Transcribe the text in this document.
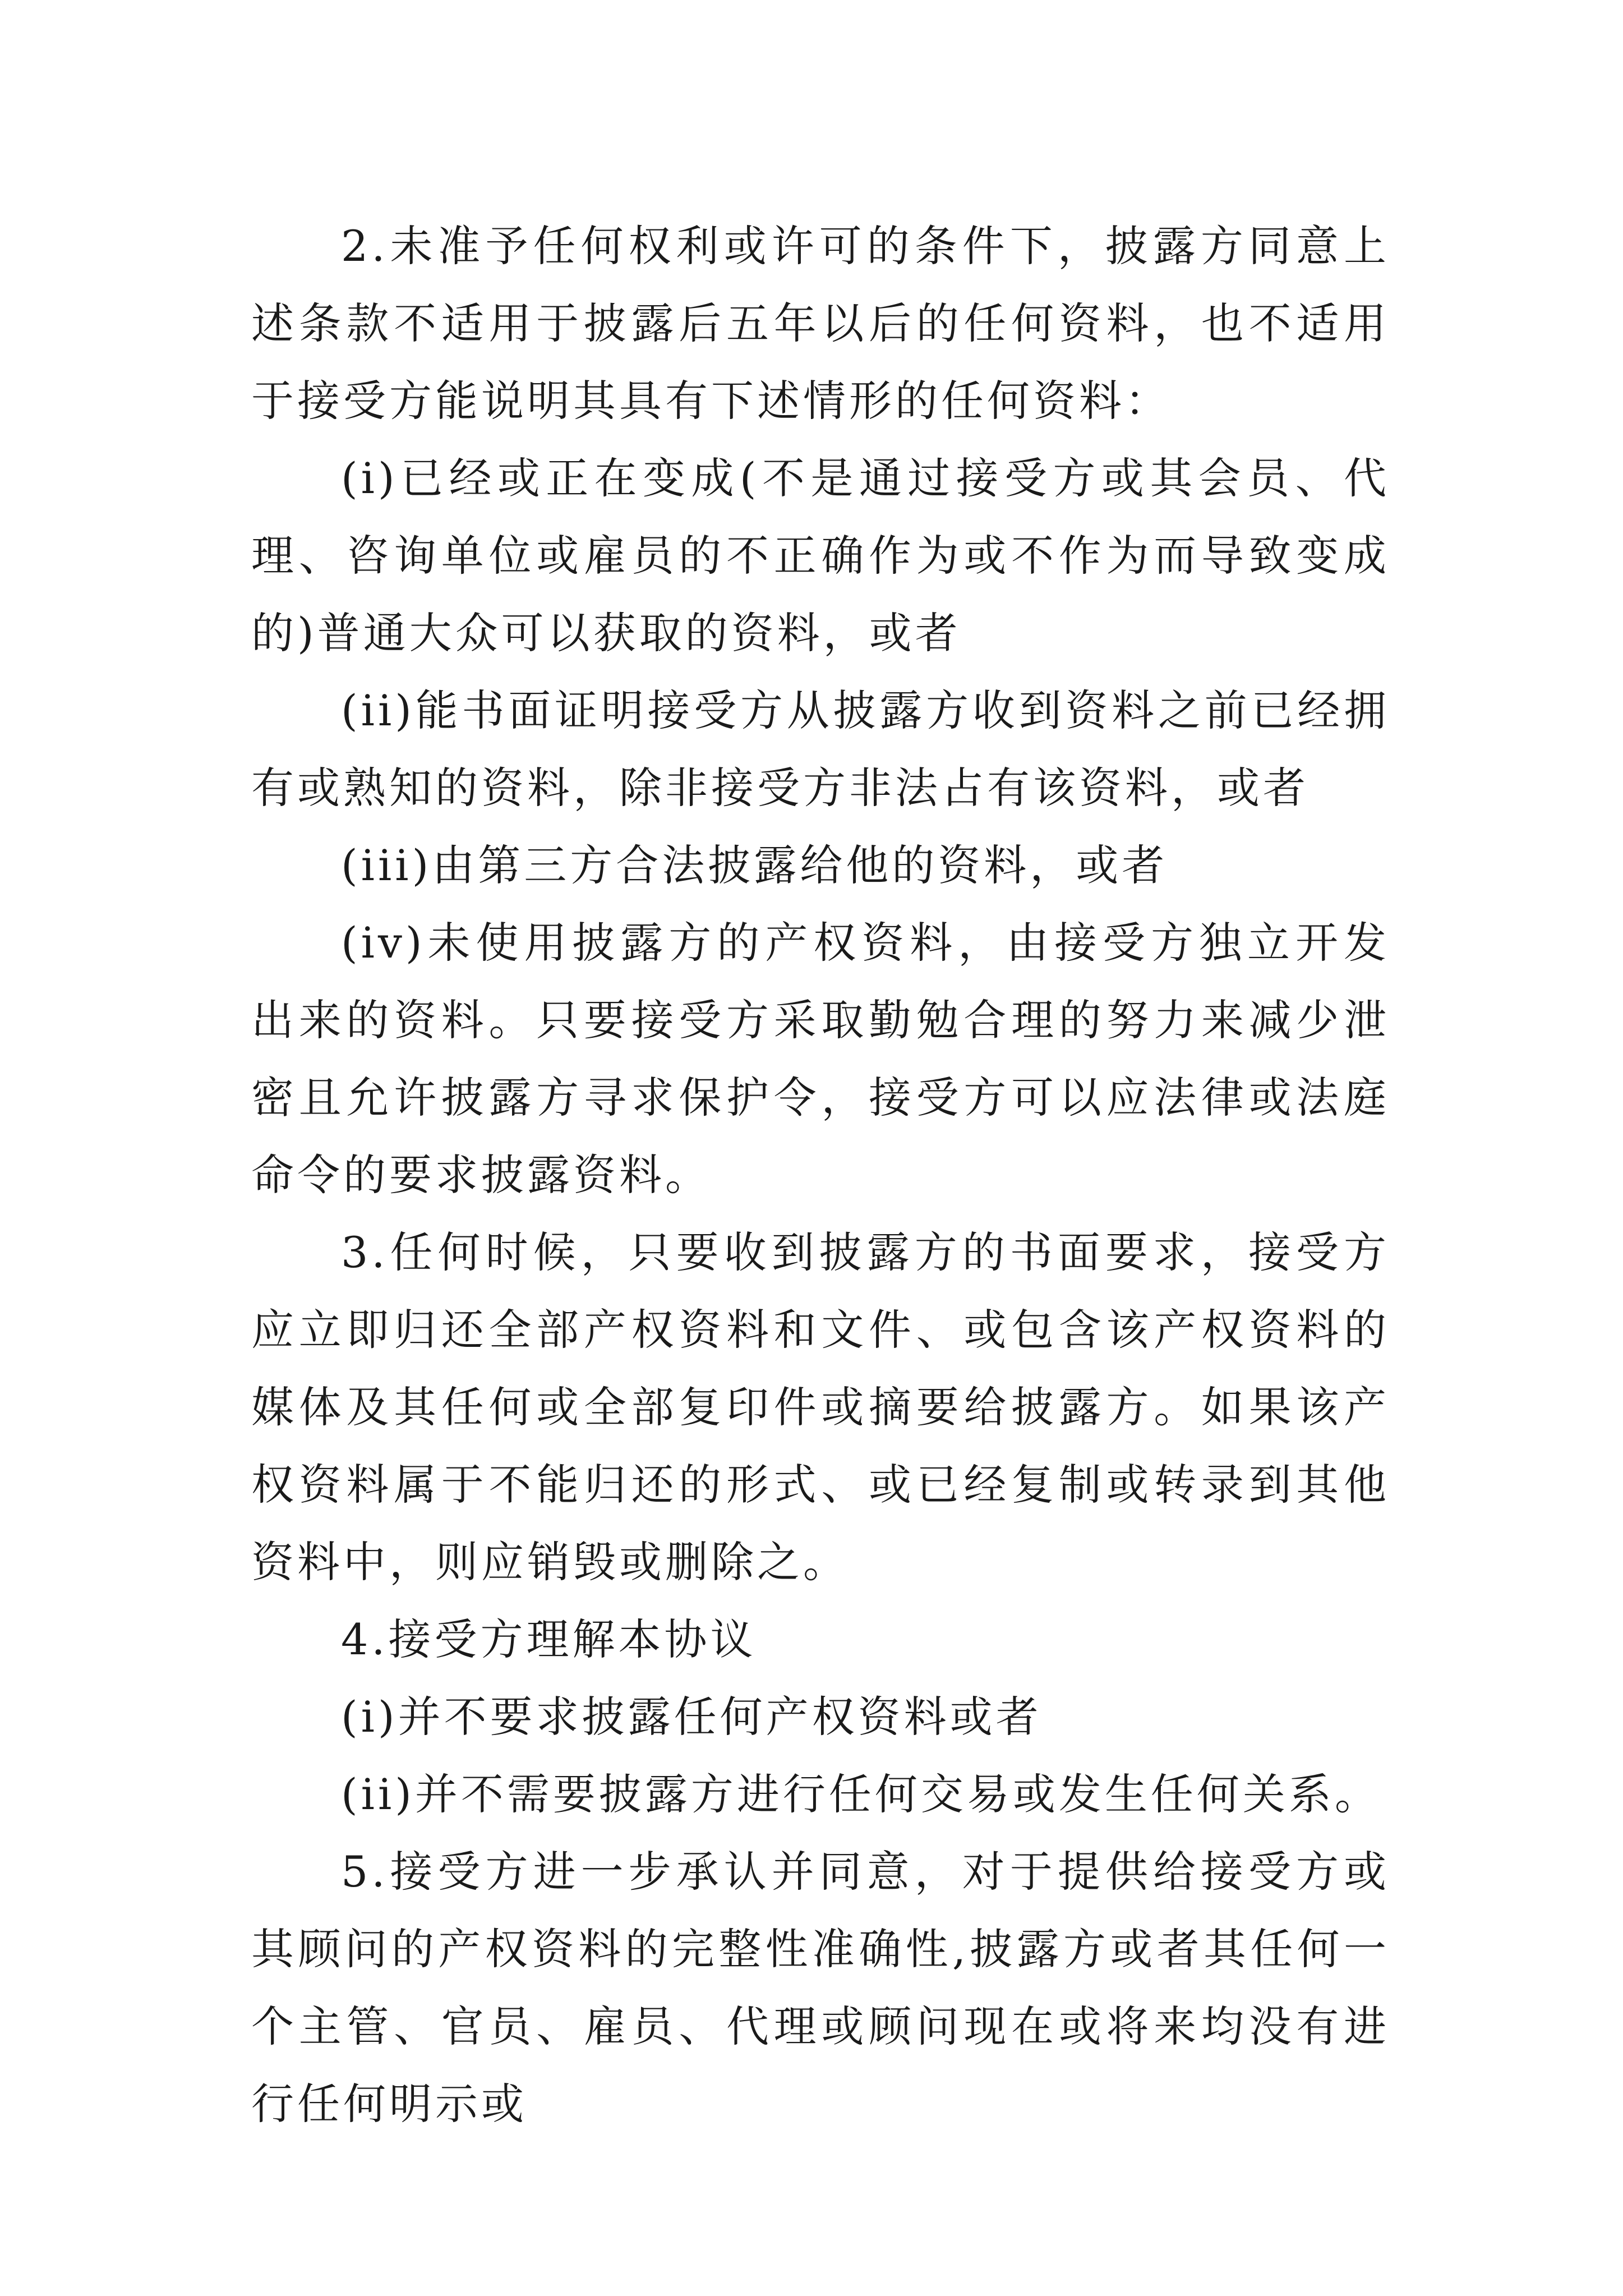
2.未准予任何权利或许可的条件下，披露方同意上述条款不适用于披露后五年以后的任何资料，也不适用于接受方能说明其具有下述情形的任何资料：

(i)已经或正在变成(不是通过接受方或其会员、代理、咨询单位或雇员的不正确作为或不作为而导致变成的)普通大众可以获取的资料，或者

(ii)能书面证明接受方从披露方收到资料之前已经拥有或熟知的资料，除非接受方非法占有该资料，或者

(iii)由第三方合法披露给他的资料，或者

(iv)未使用披露方的产权资料，由接受方独立开发出来的资料。只要接受方采取勤勉合理的努力来减少泄密且允许披露方寻求保护令，接受方可以应法律或法庭命令的要求披露资料。

3.任何时候，只要收到披露方的书面要求，接受方应立即归还全部产权资料和文件、或包含该产权资料的媒体及其任何或全部复印件或摘要给披露方。如果该产权资料属于不能归还的形式、或已经复制或转录到其他资料中，则应销毁或删除之。

4.接受方理解本协议

(i)并不要求披露任何产权资料或者

(ii)并不需要披露方进行任何交易或发生任何关系。

5.接受方进一步承认并同意，对于提供给接受方或其顾问的产权资料的完整性准确性,披露方或者其任何一个主管、官员、雇员、代理或顾问现在或将来均没有进行任何明示或
